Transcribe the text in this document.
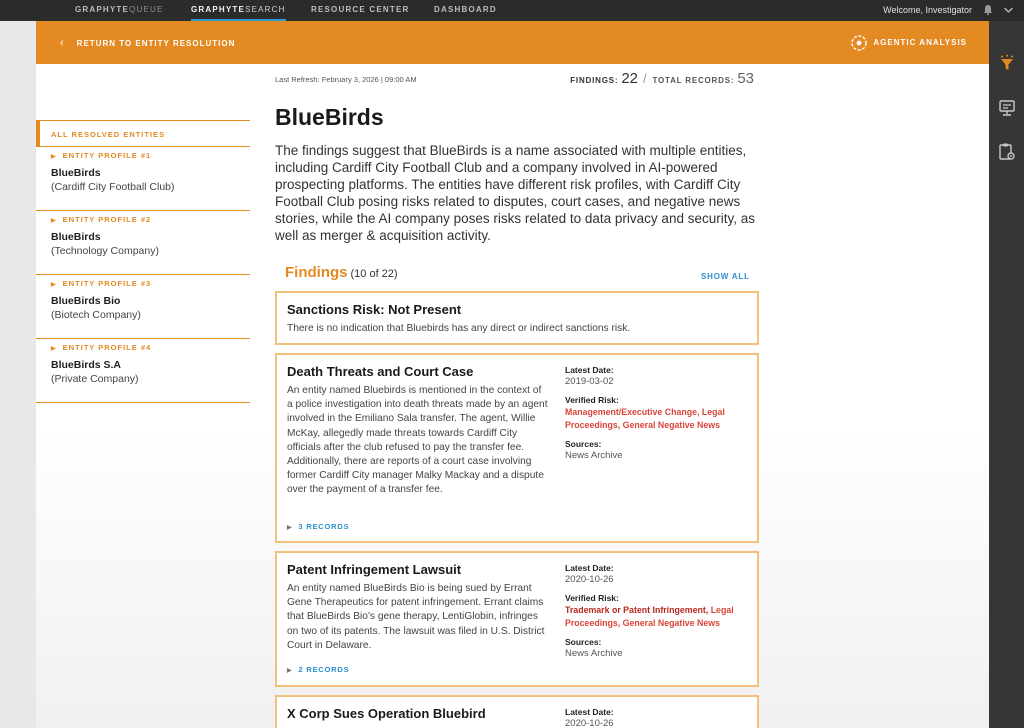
GRAPHYTEQUEUE	GRAPHYTESEARCH	RESOURCE CENTER	DASHBOARD	Welcome, Investigator
‹ RETURN TO ENTITY RESOLUTION	AGENTIC ANALYSIS
ALL RESOLVED ENTITIES
▶ ENTITY PROFILE #1
BlueBirds
(Cardiff City Football Club)
▶ ENTITY PROFILE #2
BlueBirds
(Technology Company)
▶ ENTITY PROFILE #3
BlueBirds Bio
(Biotech Company)
▶ ENTITY PROFILE #4
BlueBirds S.A
(Private Company)
Last Refresh: February 3, 2026 | 09:00 AM	FINDINGS: 22 / TOTAL RECORDS: 53
BlueBirds
The findings suggest that BlueBirds is a name associated with multiple entities, including Cardiff City Football Club and a company involved in AI-powered prospecting platforms. The entities have different risk profiles, with Cardiff City Football Club posing risks related to disputes, court cases, and negative news stories, while the AI company poses risks related to data privacy and security, as well as merger & acquisition activity.
Findings (10 of 22)	SHOW ALL
Sanctions Risk: Not Present
There is no indication that Bluebirds has any direct or indirect sanctions risk.
Death Threats and Court Case
An entity named Bluebirds is mentioned in the context of a police investigation into death threats made by an agent involved in the Emiliano Sala transfer. The agent, Willie McKay, allegedly made threats towards Cardiff City officials after the club refused to pay the transfer fee. Additionally, there are reports of a court case involving former Cardiff City manager Malky Mackay and a dispute over the payment of a transfer fee.
Latest Date:
2019-03-02
Verified Risk:
Management/Executive Change, Legal Proceedings, General Negative News
Sources:
News Archive
▶ 3 RECORDS
Patent Infringement Lawsuit
An entity named BlueBirds Bio is being sued by Errant Gene Therapeutics for patent infringement. Errant claims that BlueBirds Bio's gene therapy, LentiGlobin, infringes on two of its patents. The lawsuit was filed in U.S. District Court in Delaware.
Latest Date:
2020-10-26
Verified Risk:
Trademark or Patent Infringement, Legal Proceedings, General Negative News
Sources:
News Archive
▶ 2 RECORDS
X Corp Sues Operation Bluebird	Latest Date:
2020-10-26
